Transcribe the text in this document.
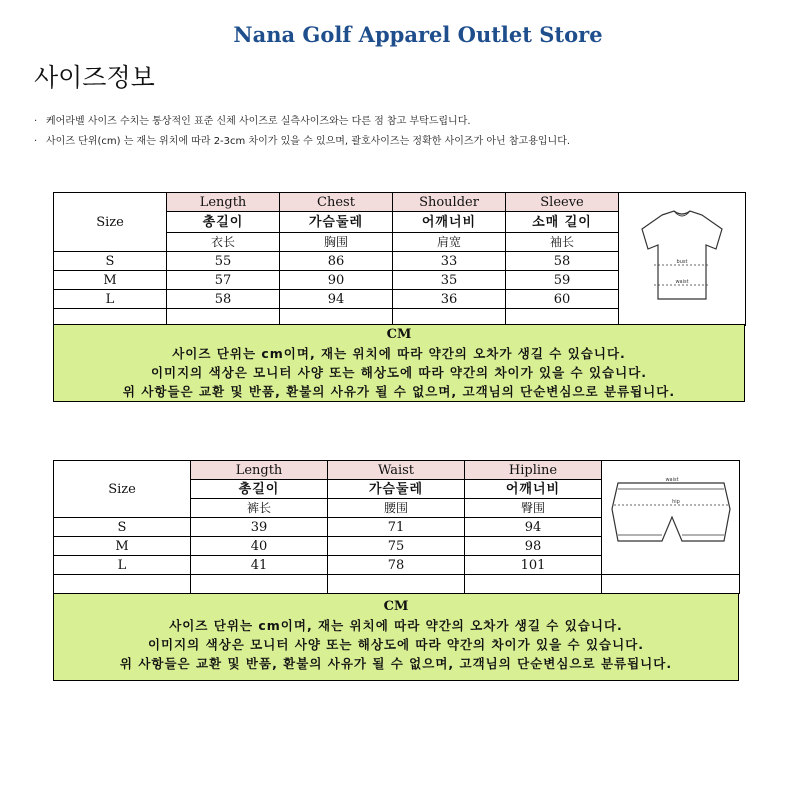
Nana Golf Apparel Outlet Store
사이즈정보
· 케어라벨 사이즈 수치는 통상적인 표준 신체 사이즈로 실측사이즈와는 다른 점 참고 부탁드립니다.
· 사이즈 단위(cm) 는 재는 위치에 따라 2-3cm 차이가 있을 수 있으며, 괄호사이즈는 정확한 사이즈가 아닌 참고용입니다.
Size	Length	Chest	Shoulder	Sleeve	bust
waist

	총길이	가슴둘레	어깨너비	소매 길이	
	衣长	胸围	肩宽	袖长	
S	55	86	33	58	
M	57	90	35	59	
L	58	94	36	60	

CM
사이즈 단위는 cm이며, 재는 위치에 따라 약간의 오차가 생길 수 있습니다.
이미지의 색상은 모니터 사양 또는 해상도에 따라 약간의 차이가 있을 수 있습니다.
위 사항들은 교환 및 반품, 환불의 사유가 될 수 없으며, 고객님의 단순변심으로 분류됩니다.
Size	Length	Waist	Hipline	waist
hip

	총길이	가슴둘레	어깨너비	
	裤长	腰围	臀围	
S	39	71	94	
M	40	75	98	
L	41	78	101	

CM
사이즈 단위는 cm이며, 재는 위치에 따라 약간의 오차가 생길 수 있습니다.
이미지의 색상은 모니터 사양 또는 해상도에 따라 약간의 차이가 있을 수 있습니다.
위 사항들은 교환 및 반품, 환불의 사유가 될 수 없으며, 고객님의 단순변심으로 분류됩니다.
